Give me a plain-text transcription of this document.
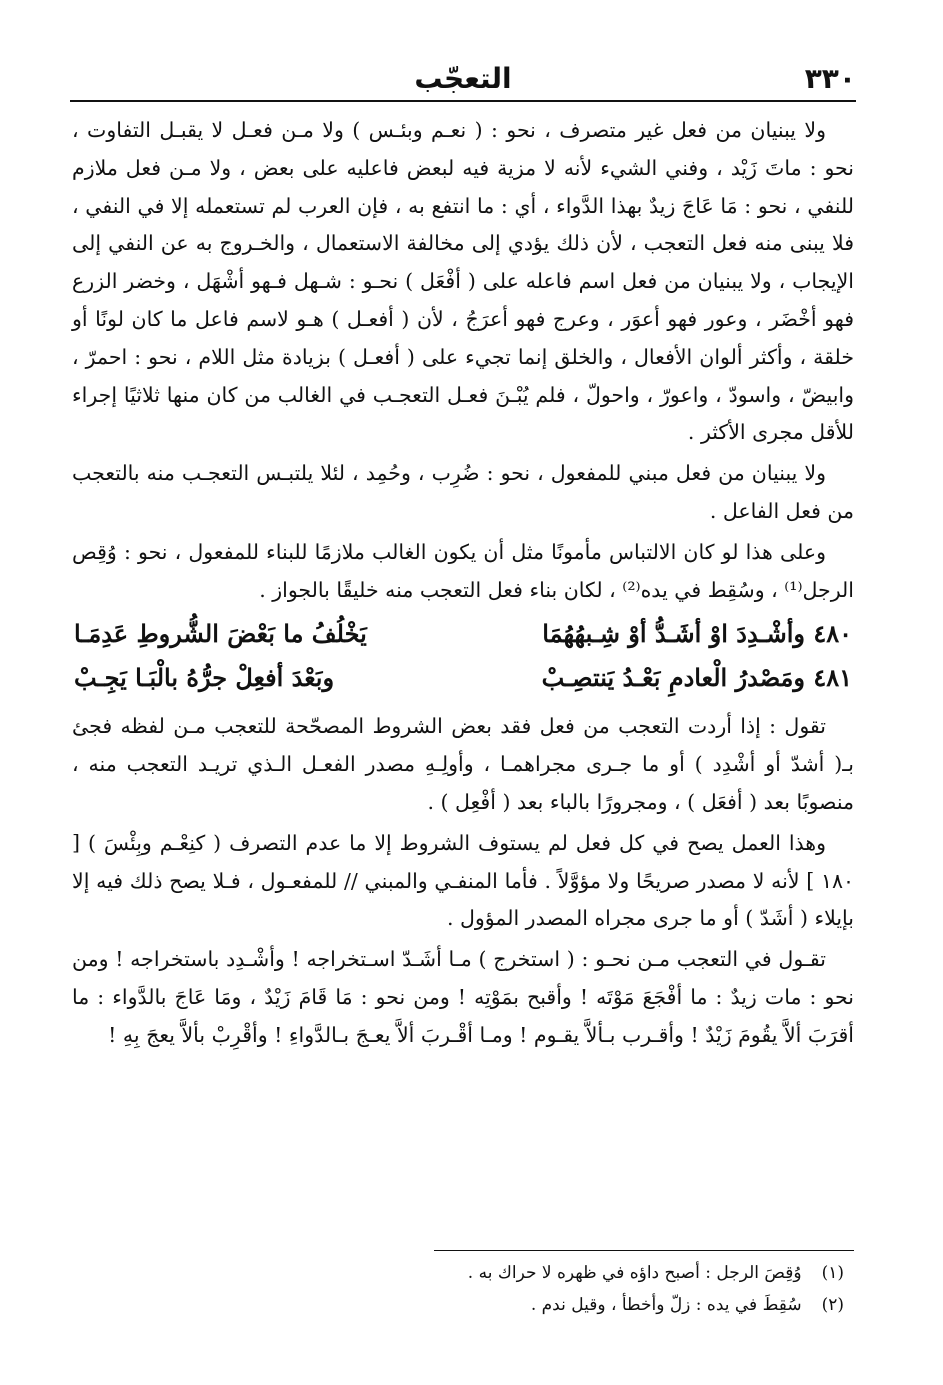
٣٣٠
التعجّب

ولا يبنيان من فعل غير متصرف ، نحو : ( نعـم وبئـس ) ولا مـن فعـل لا يقبـل التفاوت ، نحو : ماتَ زَيْد ، وفني الشيء لأنه لا مزية فيه لبعض فاعليه على بعض ، ولا مـن فعل ملازم للنفي ، نحو : مَا عَاجَ زيدٌ بهذا الدَّواء ، أي : ما انتفع به ، فإن العرب لم تستعمله إلا في النفي ، فلا يبنى منه فعل التعجب ، لأن ذلك يؤدي إلى مخالفة الاستعمال ، والخـروج به عن النفي إلى الإيجاب ، ولا يبنيان من فعل اسم فاعله على ( أفْعَل ) نحـو : شـهل فـهو أشْهَل ، وخضر الزرع فهو أخْضَر ، وعور فهو أعوَر ، وعرج فهو أعرَجُ ، لأن ( أفعـل ) هـو لاسم فاعل ما كان لونًا أو خلقة ، وأكثر ألوان الأفعال ، والخلق إنما تجيء على ( أفعـل ) بزيادة مثل اللام ، نحو : احمرّ ، وابيضّ ، واسودّ ، واعورّ ، واحولّ ، فلم يُبْـنَ فعـل التعجـب في الغالب من كان منها ثلاثيًا إجراء للأقل مجرى الأكثر .

ولا يبنيان من فعل مبني للمفعول ، نحو : ضُرِب ، وحُمِد ، لئلا يلتبـس التعجـب منه بالتعجب من فعل الفاعل .

وعلى هذا لو كان الالتباس مأمونًا مثل أن يكون الغالب ملازمًا للبناء للمفعول ، نحو : وُقِص الرجل⁽¹⁾ ، وسُقِط في يده⁽²⁾ ، لكان بناء فعل التعجب منه خليقًا بالجواز .

٤٨٠ وأشْـدِدَ اوْ أشَـدُّ أوْ شِـبهُهُمَا
يَخْلُفُ ما بَعْضَ الشُّروطِ عَدِمَـا
٤٨١ ومَصْدرُ الْعادمِ بَعْـدُ يَنتصِـبْ
وبَعْدَ أفعِلْ جرُّهُ بالْبَـا يَجِـبْ

تقول : إذا أردت التعجب من فعل فقد بعض الشروط المصحّحة للتعجب مـن لفظه فجئ بـ( أشدّ أو أشْدِد ) أو ما جـرى مجراهمـا ، وأولِـهِ مصدر الفعـل الـذي تريـد التعجب منه ، منصوبًا بعد ( أفعَل ) ، ومجرورًا بالباء بعد ( أفْعِل ) .

وهذا العمل يصح في كل فعل لم يستوف الشروط إلا ما عدم التصرف ( كنِعْـم وبِئْسَ ) [ ١٨٠ ] لأنه لا مصدر صريحًا ولا مؤوَّلاً . فأما المنفـي والمبني // للمفعـول ، فـلا يصح ذلك فيه إلا بإيلاء ( أشَدّ ) أو ما جرى مجراه المصدر المؤول .

تقـول في التعجب مـن نحـو : ( استخرج ) مـا أشَـدّ اسـتخراجه ! وأشْـدِد باستخراجه ! ومن نحو : مات زيدٌ : ما أفْجَعَ مَوْتَه ! وأقبح بمَوْتِه ! ومن نحو : مَا قَامَ زَيْدٌ ، ومَا عَاجَ بالدَّواء : ما أقرَبَ ألاَّ يقُومَ زَيْدٌ ! وأقـرب بـألاَّ يقـوم ! ومـا أقْـربَ ألاَّ يعـجَ بـالدَّواءِ ! وأقْرِبْ بألاَّ يعجَ بِهِ !

(١)
وُقِصَ الرجل : أصبح داؤه في ظهره لا حراك به .
(٢)
سُقِطَ في يده : زلّ وأخطأ ، وقيل ندم .
